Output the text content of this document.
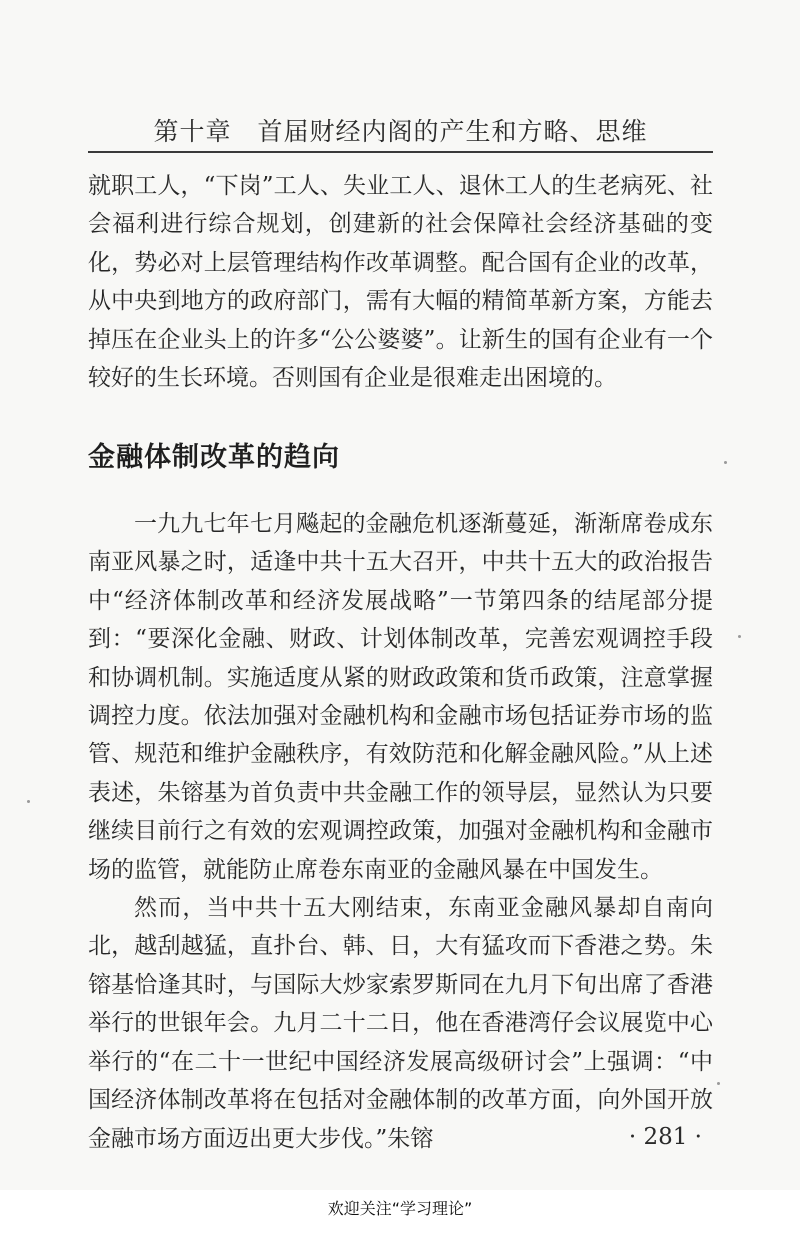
第十章　首届财经内阁的产生和方略、思维

就职工人，“下岗”工人、失业工人、退休工人的生老病死、社会福利进行综合规划，创建新的社会保障社会经济基础的变化，势必对上层管理结构作改革调整。配合国有企业的改革，从中央到地方的政府部门，需有大幅的精简革新方案，方能去掉压在企业头上的许多“公公婆婆”。让新生的国有企业有一个较好的生长环境。否则国有企业是很难走出困境的。

金融体制改革的趋向

一九九七年七月飚起的金融危机逐渐蔓延，渐渐席卷成东南亚风暴之时，适逢中共十五大召开，中共十五大的政治报告中“经济体制改革和经济发展战略”一节第四条的结尾部分提到：“要深化金融、财政、计划体制改革，完善宏观调控手段和协调机制。实施适度从紧的财政政策和货币政策，注意掌握调控力度。依法加强对金融机构和金融市场包括证券市场的监管、规范和维护金融秩序，有效防范和化解金融风险。”从上述表述，朱镕基为首负责中共金融工作的领导层，显然认为只要继续目前行之有效的宏观调控政策，加强对金融机构和金融市场的监管，就能防止席卷东南亚的金融风暴在中国发生。

然而，当中共十五大刚结束，东南亚金融风暴却自南向北，越刮越猛，直扑台、韩、日，大有猛攻而下香港之势。朱镕基恰逢其时，与国际大炒家索罗斯同在九月下旬出席了香港举行的世银年会。九月二十二日，他在香港湾仔会议展览中心举行的“在二十一世纪中国经济发展高级研讨会”上强调：“中国经济体制改革将在包括对金融体制的改革方面，向外国开放金融市场方面迈出更大步伐。”朱镕	· 281 ·
欢迎关注“学习理论”
